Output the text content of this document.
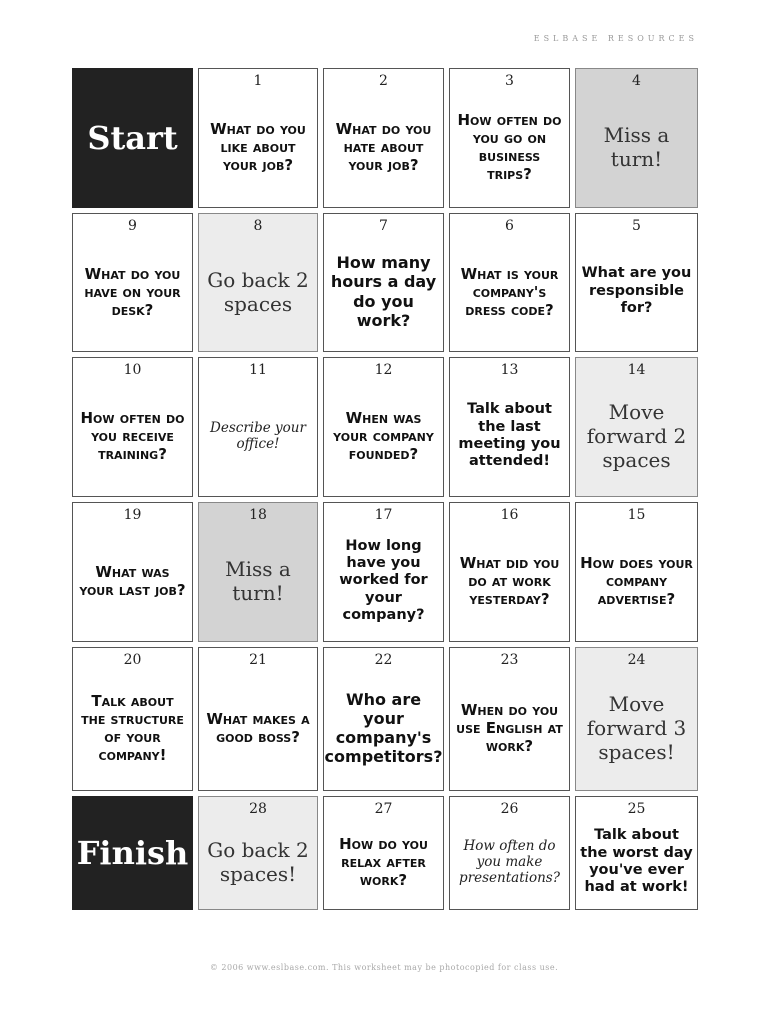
ESLBASE RESOURCES
Start
1
What do you like about your job?
2
What do you hate about your job?
3
How often do you go on business trips?
4
Miss a turn!
9
What do you have on your desk?
8
Go back 2 spaces
7
How many hours a day do you work?
6
What is your company's dress code?
5
What are you responsible for?
10
How often do you receive training?
11
Describe your office!
12
When was your company founded?
13
Talk about the last meeting you attended!
14
Move forward 2 spaces
19
What was your last job?
18
Miss a turn!
17
How long have you worked for your company?
16
What did you do at work yesterday?
15
How does your company advertise?
20
Talk about the structure of your company!
21
What makes a good boss?
22
Who are your company's competitors?
23
When do you use English at work?
24
Move forward 3 spaces!
Finish
28
Go back 2 spaces!
27
How do you relax after work?
26
How often do you make presentations?
25
Talk about the worst day you've ever had at work!
© 2006 www.eslbase.com. This worksheet may be photocopied for class use.
